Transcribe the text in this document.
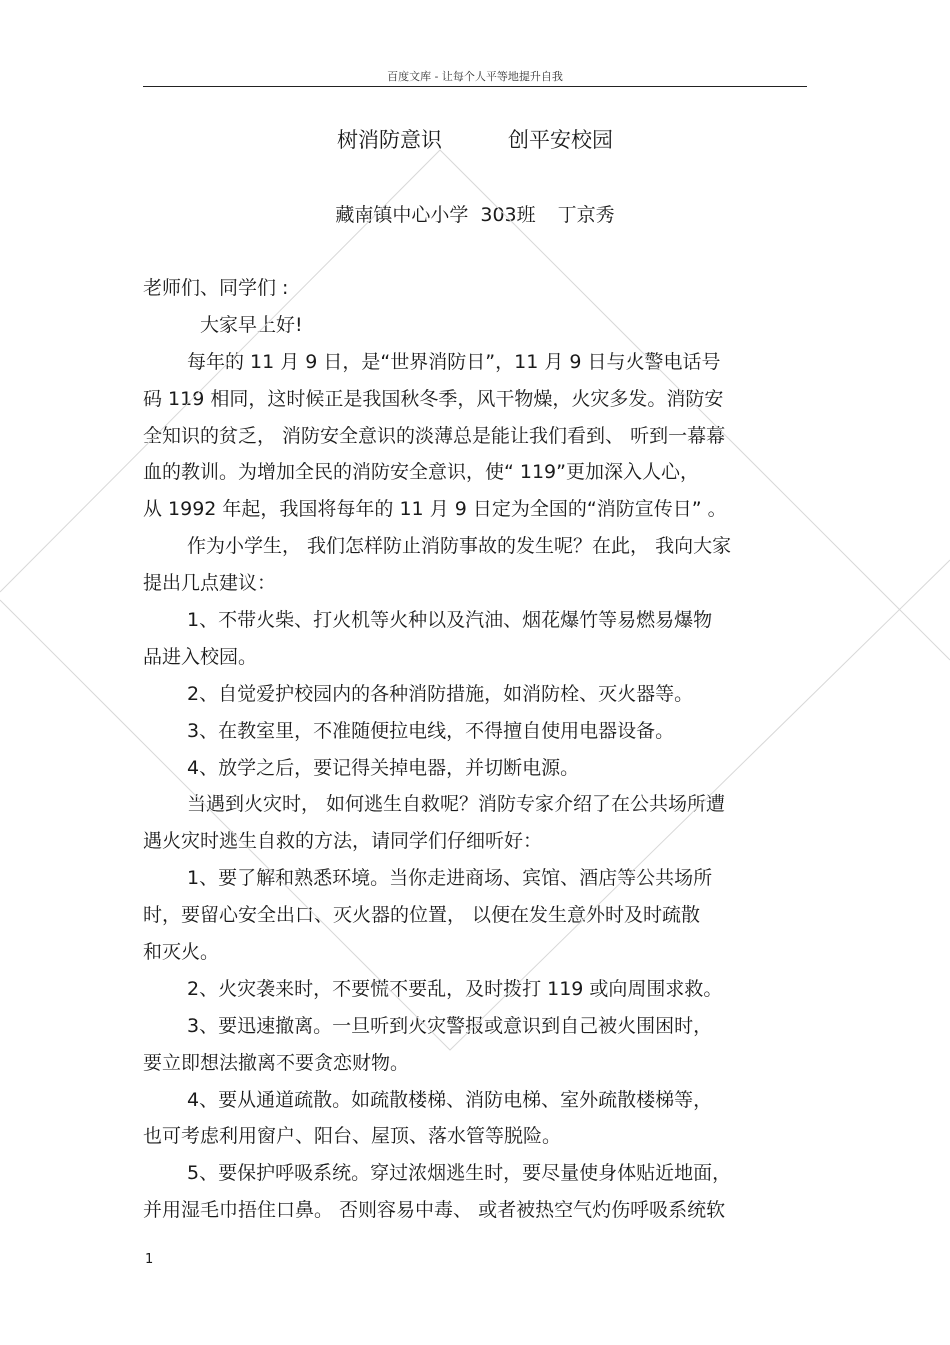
百度文库 - 让每个人平等地提升自我
树消防意识	创平安校园
藏南镇中心小学 303班 丁京秀
老师们、同学们 :
大家早上好!
每年的 11 月 9 日，是“世界消防日”，11 月 9 日与火警电话号
码 119 相同，这时候正是我国秋冬季，风干物燥，火灾多发。消防安
全知识的贫乏， 消防安全意识的淡薄总是能让我们看到、 听到一幕幕
血的教训。为增加全民的消防安全意识，使“ 119”更加深入人心，
从 1992 年起，我国将每年的 11 月 9 日定为全国的“消防宣传日” 。
作为小学生， 我们怎样防止消防事故的发生呢？在此， 我向大家
提出几点建议：
1、不带火柴、打火机等火种以及汽油、烟花爆竹等易燃易爆物
品进入校园。
2、自觉爱护校园内的各种消防措施，如消防栓、灭火器等。
3、在教室里，不准随便拉电线，不得擅自使用电器设备。
4、放学之后，要记得关掉电器，并切断电源。
当遇到火灾时， 如何逃生自救呢？消防专家介绍了在公共场所遭
遇火灾时逃生自救的方法，请同学们仔细听好：
1、要了解和熟悉环境。当你走进商场、宾馆、酒店等公共场所
时，要留心安全出口、灭火器的位置， 以便在发生意外时及时疏散
和灭火。
2、火灾袭来时，不要慌不要乱，及时拨打 119 或向周围求救。
3、要迅速撤离。一旦听到火灾警报或意识到自己被火围困时，
要立即想法撤离不要贪恋财物。
4、要从通道疏散。如疏散楼梯、消防电梯、室外疏散楼梯等，
也可考虑利用窗户、阳台、屋顶、落水管等脱险。
5、要保护呼吸系统。穿过浓烟逃生时，要尽量使身体贴近地面，
并用湿毛巾捂住口鼻。 否则容易中毒、 或者被热空气灼伤呼吸系统软
1
